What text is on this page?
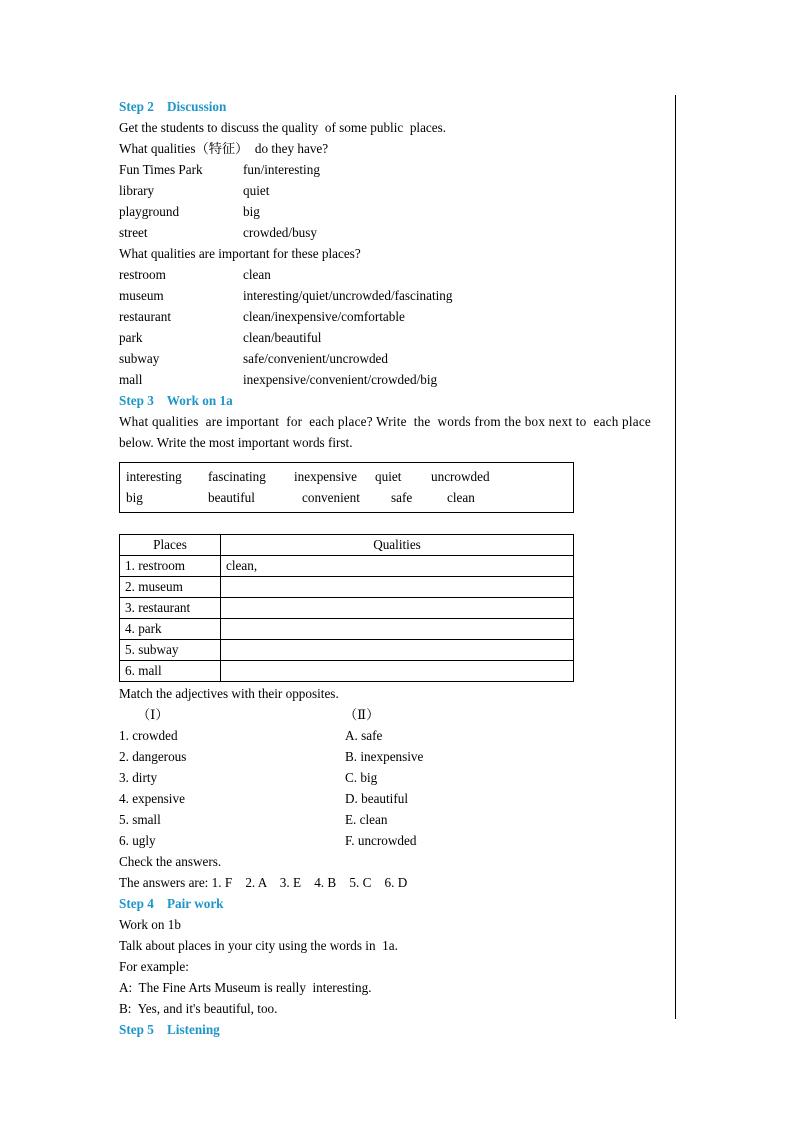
Step 2    Discussion
Get the students to discuss the quality  of some public  places.
What qualities（特征）  do they have?
Fun Times Park	fun/interesting
library	quiet
playground	big
street	crowded/busy
What qualities are important for these places?
restroom	clean
museum	interesting/quiet/uncrowded/fascinating
restaurant	clean/inexpensive/comfortable
park	clean/beautiful
subway	safe/convenient/uncrowded
mall	inexpensive/convenient/crowded/big
Step 3    Work on 1a
What qualities  are important  for  each place? Write  the  words from the box next to  each place
below. Write the most important words first.
interesting	fascinating	inexpensive	quiet	uncrowded
big	beautiful	convenient	safe	clean
Places	Qualities
1. restroom	clean,
2. museum	
3. restaurant	
4. park	
5. subway	
6. mall	
Match the adjectives with their opposites.
（Ⅰ）	（Ⅱ）
1. crowded	A. safe
2. dangerous	B. inexpensive
3. dirty	C. big
4. expensive	D. beautiful
5. small	E. clean
6. ugly	F. uncrowded
Check the answers.
The answers are: 1. F    2. A    3. E    4. B    5. C    6. D
Step 4    Pair work
Work on 1b
Talk about places in your city using the words in  1a.
For example:
A:  The Fine Arts Museum is really  interesting.
B:  Yes, and it's beautiful, too.
Step 5    Listening
